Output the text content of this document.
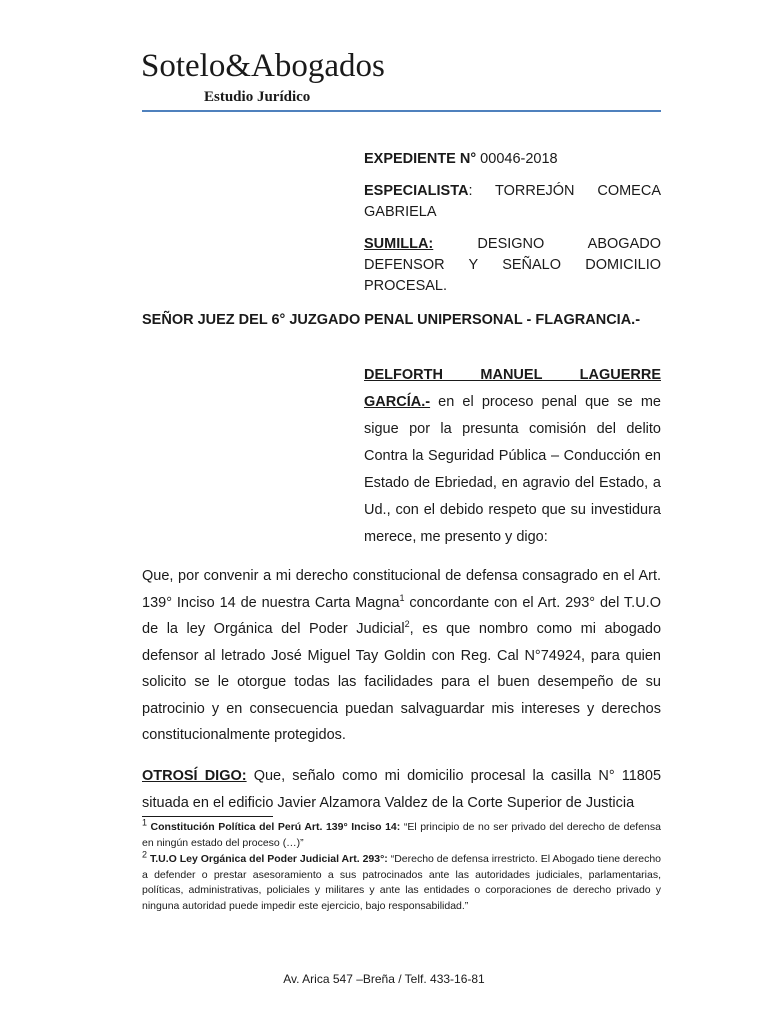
Sotelo&Abogados
Estudio Jurídico
EXPEDIENTE N° 00046-2018
ESPECIALISTA: TORREJÓN COMECA GABRIELA
SUMILLA: DESIGNO ABOGADO DEFENSOR Y SEÑALO DOMICILIO PROCESAL.
SEÑOR JUEZ DEL 6° JUZGADO PENAL UNIPERSONAL - FLAGRANCIA.-
DELFORTH MANUEL LAGUERRE GARCÍA.- en el proceso penal que se me sigue por la presunta comisión del delito Contra la Seguridad Pública – Conducción en Estado de Ebriedad, en agravio del Estado, a Ud., con el debido respeto que su investidura merece, me presento y digo:
Que, por convenir a mi derecho constitucional de defensa consagrado en el Art. 139° Inciso 14 de nuestra Carta Magna$^1$ concordante con el Art. 293° del T.U.O de la ley Orgánica del Poder Judicial$^2$, es que nombro como mi abogado defensor al letrado José Miguel Tay Goldin con Reg. Cal N°74924, para quien solicito se le otorgue todas las facilidades para el buen desempeño de su patrocinio y en consecuencia puedan salvaguardar mis intereses y derechos constitucionalmente protegidos.
OTROSÍ DIGO: Que, señalo como mi domicilio procesal la casilla N° 11805 situada en el edificio Javier Alzamora Valdez de la Corte Superior de Justicia
$^1$ Constitución Política del Perú Art. 139° Inciso 14: “El principio de no ser privado del derecho de defensa en ningún estado del proceso (…)”
$^2$ T.U.O Ley Orgánica del Poder Judicial Art. 293°: “Derecho de defensa irrestricto. El Abogado tiene derecho a defender o prestar asesoramiento a sus patrocinados ante las autoridades judiciales, parlamentarias, políticas, administrativas, policiales y militares y ante las entidades o corporaciones de derecho privado y ninguna autoridad puede impedir este ejercicio, bajo responsabilidad.”
Av. Arica 547 –Breña / Telf. 433-16-81
